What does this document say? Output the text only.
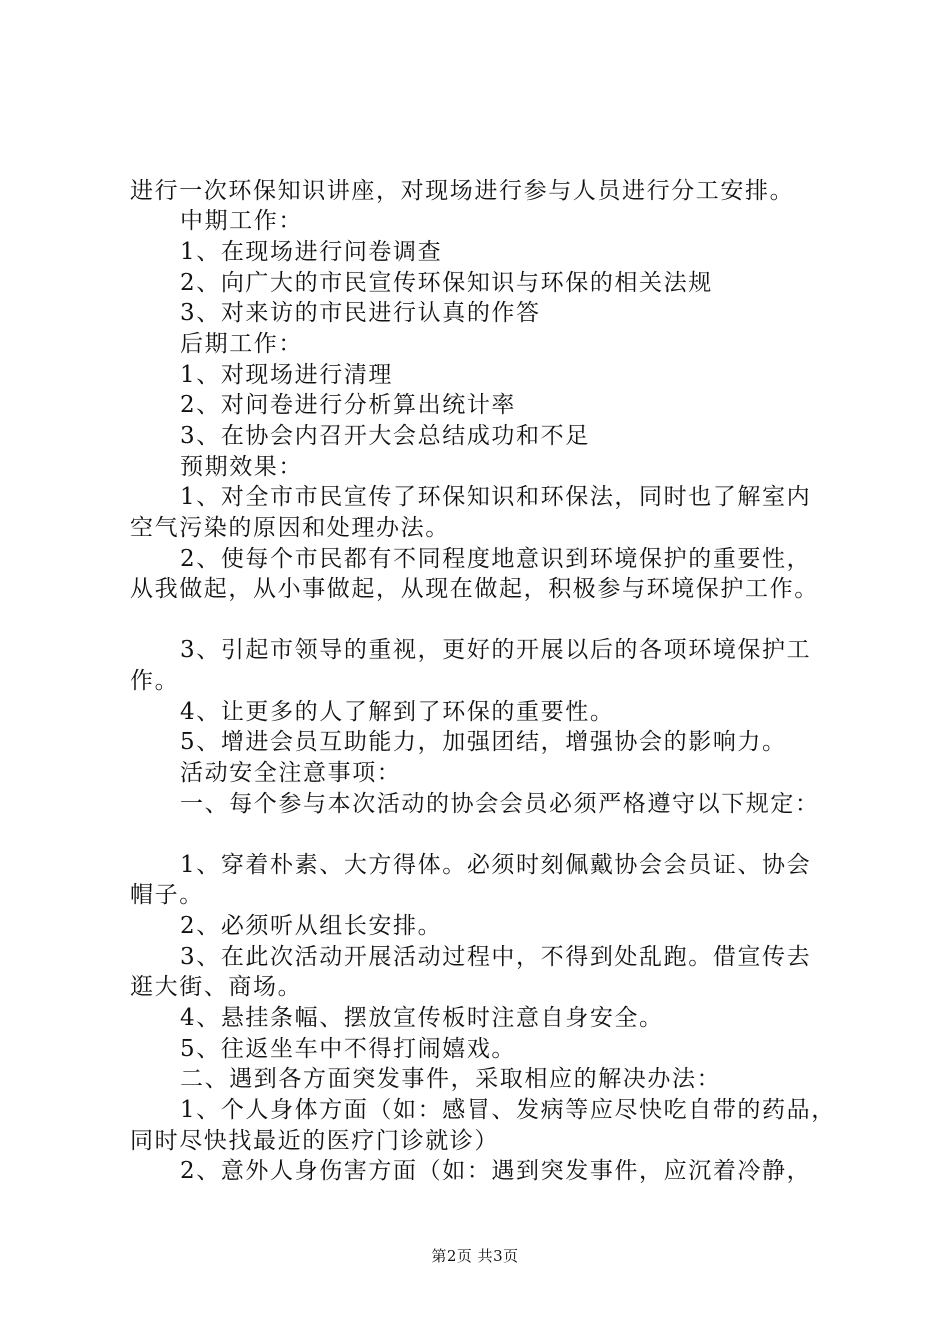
进行一次环保知识讲座，对现场进行参与人员进行分工安排。
中期工作：
1、在现场进行问卷调查
2、向广大的市民宣传环保知识与环保的相关法规
3、对来访的市民进行认真的作答
后期工作：
1、对现场进行清理
2、对问卷进行分析算出统计率
3、在协会内召开大会总结成功和不足
预期效果：
1、对全市市民宣传了环保知识和环保法，同时也了解室内
空气污染的原因和处理办法。
2、使每个市民都有不同程度地意识到环境保护的重要性，
从我做起，从小事做起，从现在做起，积极参与环境保护工作。
3、引起市领导的重视，更好的开展以后的各项环境保护工
作。
4、让更多的人了解到了环保的重要性。
5、增进会员互助能力，加强团结，增强协会的影响力。
活动安全注意事项：
一、每个参与本次活动的协会会员必须严格遵守以下规定：
1、穿着朴素、大方得体。必须时刻佩戴协会会员证、协会
帽子。
2、必须听从组长安排。
3、在此次活动开展活动过程中，不得到处乱跑。借宣传去
逛大街、商场。
4、悬挂条幅、摆放宣传板时注意自身安全。
5、往返坐车中不得打闹嬉戏。
二、遇到各方面突发事件，采取相应的解决办法：
1、个人身体方面（如：感冒、发病等应尽快吃自带的药品，
同时尽快找最近的医疗门诊就诊）
2、意外人身伤害方面（如：遇到突发事件，应沉着冷静，
第2页 共3页
